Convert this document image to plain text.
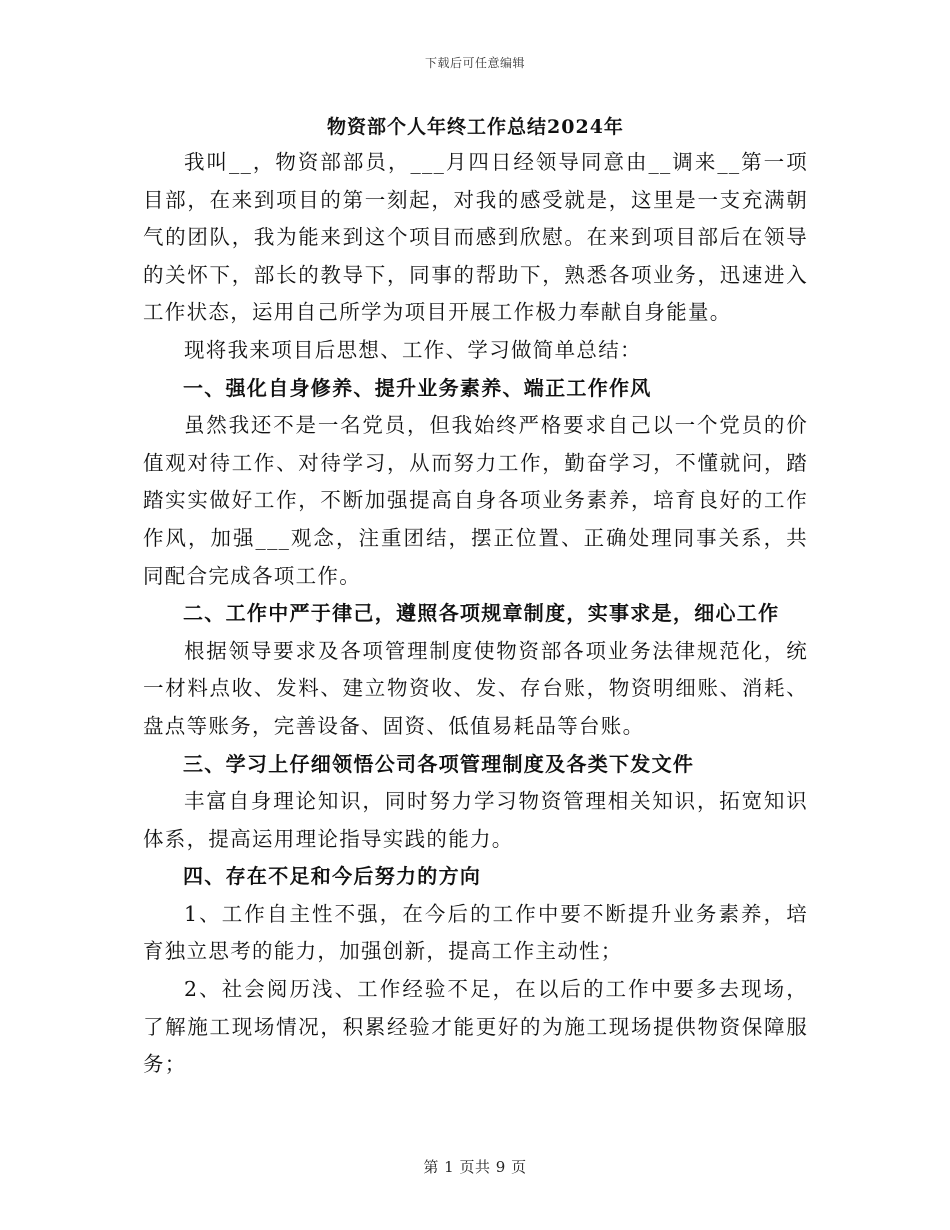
下载后可任意编辑

物资部个人年终工作总结2024年

我叫__，物资部部员，___月四日经领导同意由__调来__第一项目部，在来到项目的第一刻起，对我的感受就是，这里是一支充满朝气的团队，我为能来到这个项目而感到欣慰。在来到项目部后在领导的关怀下，部长的教导下，同事的帮助下，熟悉各项业务，迅速进入工作状态，运用自己所学为项目开展工作极力奉献自身能量。

现将我来项目后思想、工作、学习做简单总结：

一、强化自身修养、提升业务素养、端正工作作风

虽然我还不是一名党员，但我始终严格要求自己以一个党员的价值观对待工作、对待学习，从而努力工作，勤奋学习，不懂就问，踏踏实实做好工作，不断加强提高自身各项业务素养，培育良好的工作作风，加强___观念，注重团结，摆正位置、正确处理同事关系，共同配合完成各项工作。

二、工作中严于律己，遵照各项规章制度，实事求是，细心工作

根据领导要求及各项管理制度使物资部各项业务法律规范化，统一材料点收、发料、建立物资收、发、存台账，物资明细账、消耗、盘点等账务，完善设备、固资、低值易耗品等台账。

三、学习上仔细领悟公司各项管理制度及各类下发文件

丰富自身理论知识，同时努力学习物资管理相关知识，拓宽知识体系，提高运用理论指导实践的能力。

四、存在不足和今后努力的方向

1、工作自主性不强，在今后的工作中要不断提升业务素养，培育独立思考的能力，加强创新，提高工作主动性；

2、社会阅历浅、工作经验不足，在以后的工作中要多去现场，了解施工现场情况，积累经验才能更好的为施工现场提供物资保障服务；

第 1 页共 9 页
